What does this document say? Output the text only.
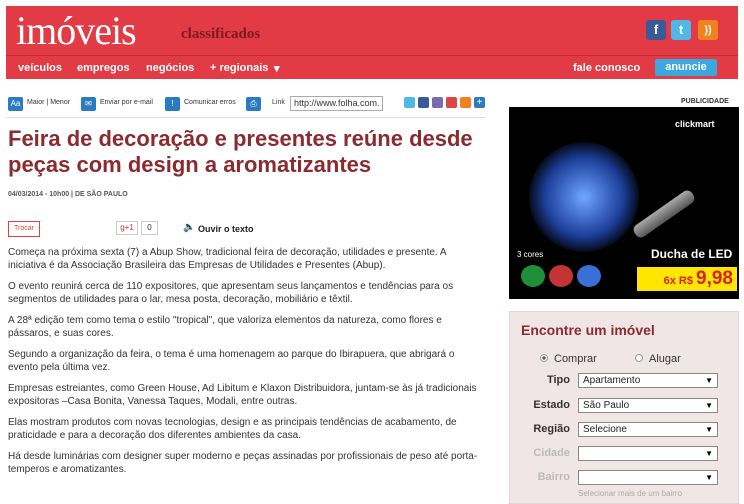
imóveis	classificados	f	t	))
veículos empregos negócios + regionais ▾	fale conosco	anuncie
Aa Maior | Menor	✉	Enviar por e-mail	!	Comunicar erros	⎙	Link	http://www.folha.com.	+
Feira de decoração e presentes reúne desde peças com design a aromatizantes
04/03/2014 - 10h00 | DE SÃO PAULO
Trocar	g+1	0	🔈 Ouvir o texto

Começa na próxima sexta (7) a Abup Show, tradicional feira de decoração, utilidades e presente. A iniciativa é da Associação Brasileira das Empresas de Utilidades e Presentes (Abup).

O evento reunirá cerca de 110 expositores, que apresentam seus lançamentos e tendências para os segmentos de utilidades para o lar, mesa posta, decoração, mobiliário e têxtil.

A 28ª edição tem como tema o estilo "tropical", que valoriza elementos da natureza, como flores e pássaros, e suas cores.

Segundo a organização da feira, o tema é uma homenagem ao parque do Ibirapuera, que abrigará o evento pela última vez.

Empresas estreiantes, como Green House, Ad Libitum e Klaxon Distribuidora, juntam-se às já tradicionais expositoras –Casa Bonita, Vanessa Taques, Modali, entre outras.

Elas mostram produtos com novas tecnologias, design e as principais tendências de acabamento, de praticidade e para a decoração dos diferentes ambientes da casa.

Há desde luminárias com designer super moderno e peças assinadas por profissionais de peso até porta-temperos e aromatizantes.

PUBLICIDADE
clickmart
3 cores	Ducha de LED
6x R$ 9,98
Encontre um imóvel
Comprar	Alugar
Tipo	Apartamento	▼
Estado	São Paulo	▼
Região	Selecione	▼
Cidade	▼
Bairro	▼
Selecionar mais de um bairro
